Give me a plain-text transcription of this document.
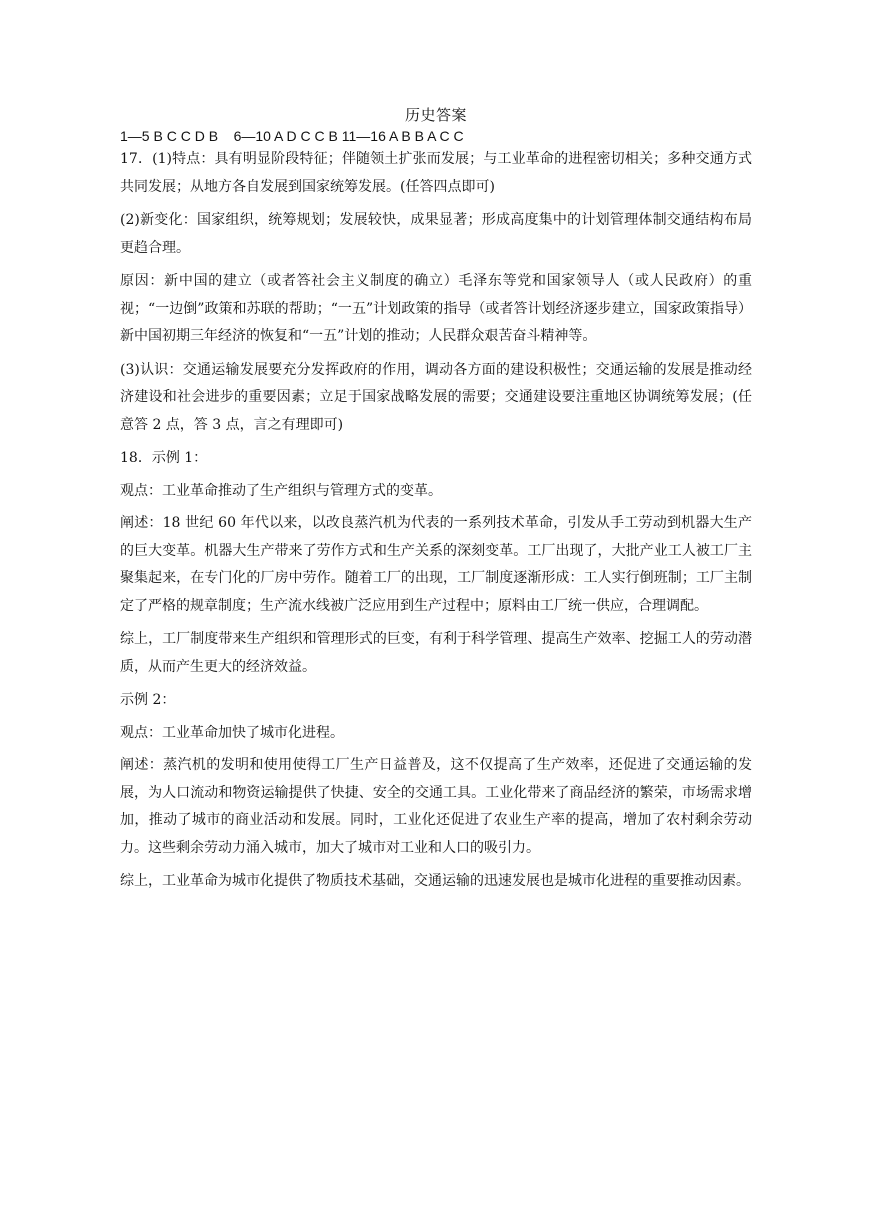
历史答案

1—5 B C C D B    6—10 A D C C B 11—16 A B B A C C

17．(1)特点：具有明显阶段特征；伴随领土扩张而发展；与工业革命的进程密切相关；多种交通方式共同发展；从地方各自发展到国家统筹发展。(任答四点即可)

(2)新变化：国家组织，统筹规划；发展较快，成果显著；形成高度集中的计划管理体制交通结构布局更趋合理。

原因：新中国的建立（或者答社会主义制度的确立）毛泽东等党和国家领导人（或人民政府）的重视；“一边倒”政策和苏联的帮助；“一五”计划政策的指导（或者答计划经济逐步建立，国家政策指导）新中国初期三年经济的恢复和“一五”计划的推动；人民群众艰苦奋斗精神等。

(3)认识：交通运输发展要充分发挥政府的作用，调动各方面的建设积极性；交通运输的发展是推动经济建设和社会进步的重要因素；立足于国家战略发展的需要；交通建设要注重地区协调统筹发展；(任意答 2 点，答 3 点，言之有理即可)

18．示例 1：

观点：工业革命推动了生产组织与管理方式的变革。

阐述：18 世纪 60 年代以来，以改良蒸汽机为代表的一系列技术革命，引发从手工劳动到机器大生产的巨大变革。机器大生产带来了劳作方式和生产关系的深刻变革。工厂出现了，大批产业工人被工厂主聚集起来，在专门化的厂房中劳作。随着工厂的出现，工厂制度逐渐形成：工人实行倒班制；工厂主制定了严格的规章制度；生产流水线被广泛应用到生产过程中；原料由工厂统一供应，合理调配。

综上，工厂制度带来生产组织和管理形式的巨变，有利于科学管理、提高生产效率、挖掘工人的劳动潜质，从而产生更大的经济效益。

示例 2：

观点：工业革命加快了城市化进程。

阐述：蒸汽机的发明和使用使得工厂生产日益普及，这不仅提高了生产效率，还促进了交通运输的发展，为人口流动和物资运输提供了快捷、安全的交通工具。工业化带来了商品经济的繁荣，市场需求增加，推动了城市的商业活动和发展。同时，工业化还促进了农业生产率的提高，增加了农村剩余劳动力。这些剩余劳动力涌入城市，加大了城市对工业和人口的吸引力。

综上，工业革命为城市化提供了物质技术基础，交通运输的迅速发展也是城市化进程的重要推动因素。
